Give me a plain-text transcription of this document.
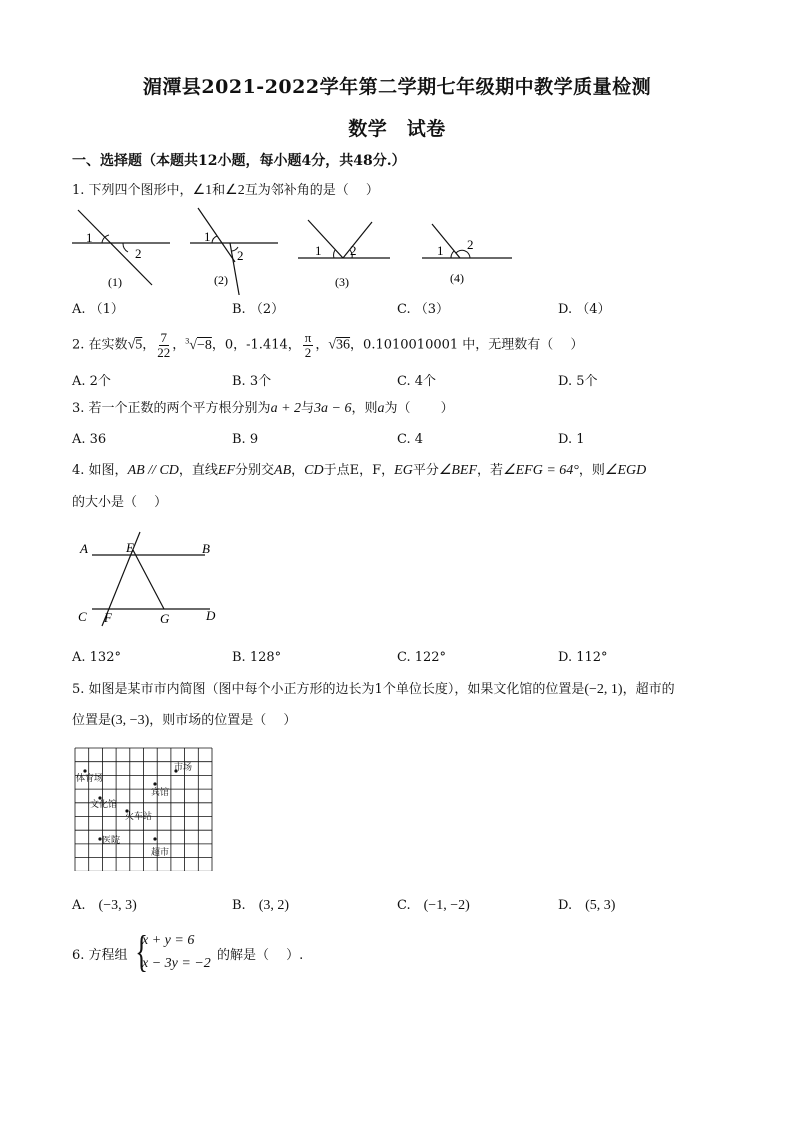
湄潭县2021-2022学年第二学期七年级期中教学质量检测
数学　试卷
一、选择题（本题共12小题，每小题4分，共48分.）
1. 下列四个图形中，∠1和∠2互为邻补角的是（　 ）
1
2
(1)
1
2
(2)
1 2
(3)
1 2
(4)
A. （1）	B. （2）	C. （3）	D. （4）
2. 在实数√5， $\frac{7}{22}$ ，$^3$√−8，0，-1.414， $\frac{\pi}{2}$ ，√36，0.1010010001 中，无理数有（　 ）
A. 2个	B. 3个	C. 4个	D. 5个
3. 若一个正数的两个平方根分别为a + 2与3a − 6，则a为（　　 ）
A. 36	B. 9	C. 4	D. 1
4. 如图，AB // CD，直线EF分别交AB，CD于点E，F，EG平分∠BEF，若∠EFG = 64°，则∠EGD
的大小是（　 ）
A	E	B
C F	G	D
A. 132°	B. 128°	C. 122°	D. 112°
5. 如图是某市市内简图（图中每个小正方形的边长为1个单位长度），如果文化馆的位置是(−2, 1)，超市的
位置是(3, −3)，则市场的位置是（　 ）
体育场
市场
文化馆
宾馆
火车站
医院
超市
A.　 (−3, 3)	B.　 (3, 2)	C.　 (−1, −2)	D.　 (5, 3)
6. 方程组 {
x + y = 6
x − 3y = −2
的解是（　 ）.
